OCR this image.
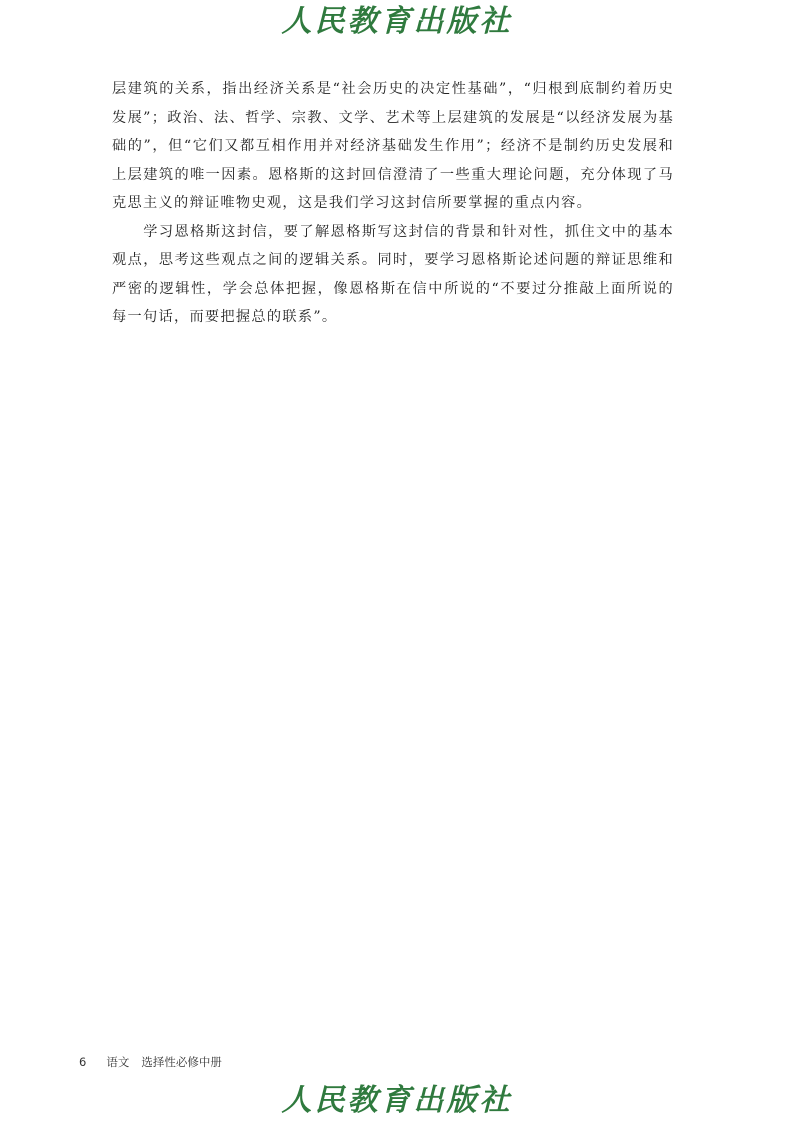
人民教育出版社

层建筑的关系，指出经济关系是“社会历史的决定性基础”，“归根到底制约着历史发展”；政治、法、哲学、宗教、文学、艺术等上层建筑的发展是“以经济发展为基础的”，但“它们又都互相作用并对经济基础发生作用”；经济不是制约历史发展和上层建筑的唯一因素。恩格斯的这封回信澄清了一些重大理论问题，充分体现了马克思主义的辩证唯物史观，这是我们学习这封信所要掌握的重点内容。

学习恩格斯这封信，要了解恩格斯写这封信的背景和针对性，抓住文中的基本观点，思考这些观点之间的逻辑关系。同时，要学习恩格斯论述问题的辩证思维和严密的逻辑性，学会总体把握，像恩格斯在信中所说的“不要过分推敲上面所说的每一句话，而要把握总的联系”。

6 语文 选择性必修中册
人民教育出版社
